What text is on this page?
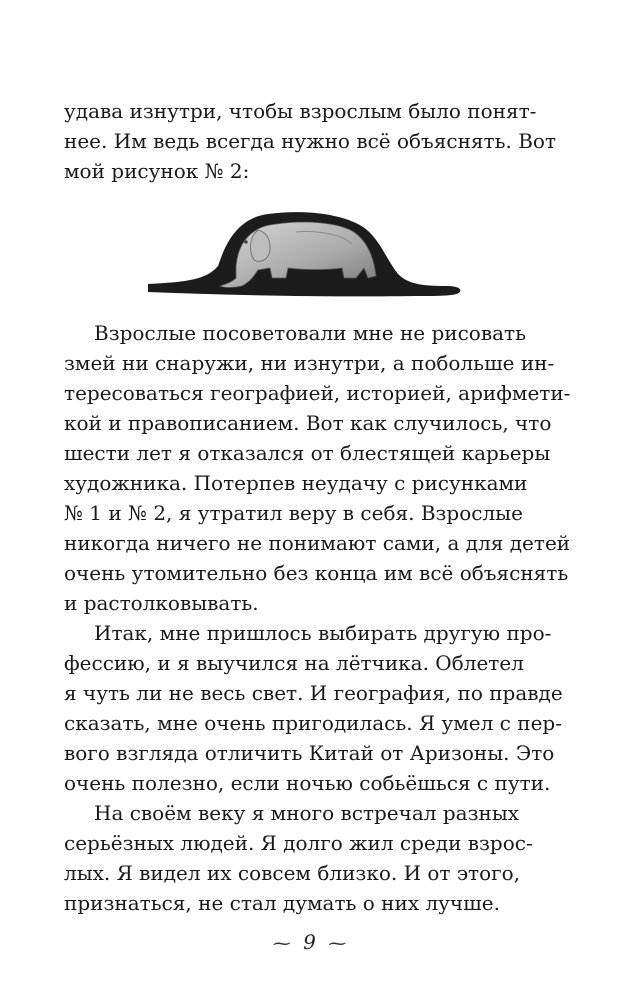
удава изнутри, чтобы взрослым было понят-
нее. Им ведь всегда нужно всё объяснять. Вот
мой рисунок № 2:
Взрослые посоветовали мне не рисовать
змей ни снаружи, ни изнутри, а побольше ин-
тересоваться географией, историей, арифмети-
кой и правописанием. Вот как случилось, что
шести лет я отказался от блестящей карьеры
художника. Потерпев неудачу с рисунками
№ 1 и № 2, я утратил веру в себя. Взрослые
никогда ничего не понимают сами, а для детей
очень утомительно без конца им всё объяснять
и растолковывать.
Итак, мне пришлось выбирать другую про-
фессию, и я выучился на лётчика. Облетел
я чуть ли не весь свет. И география, по правде
сказать, мне очень пригодилась. Я умел с пер-
вого взгляда отличить Китай от Аризоны. Это
очень полезно, если ночью собьёшься с пути.
На своём веку я много встречал разных
серьёзных людей. Я долго жил среди взрос-
лых. Я видел их совсем близко. И от этого,
признаться, не стал думать о них лучше.
⁓ 9 ⁓
